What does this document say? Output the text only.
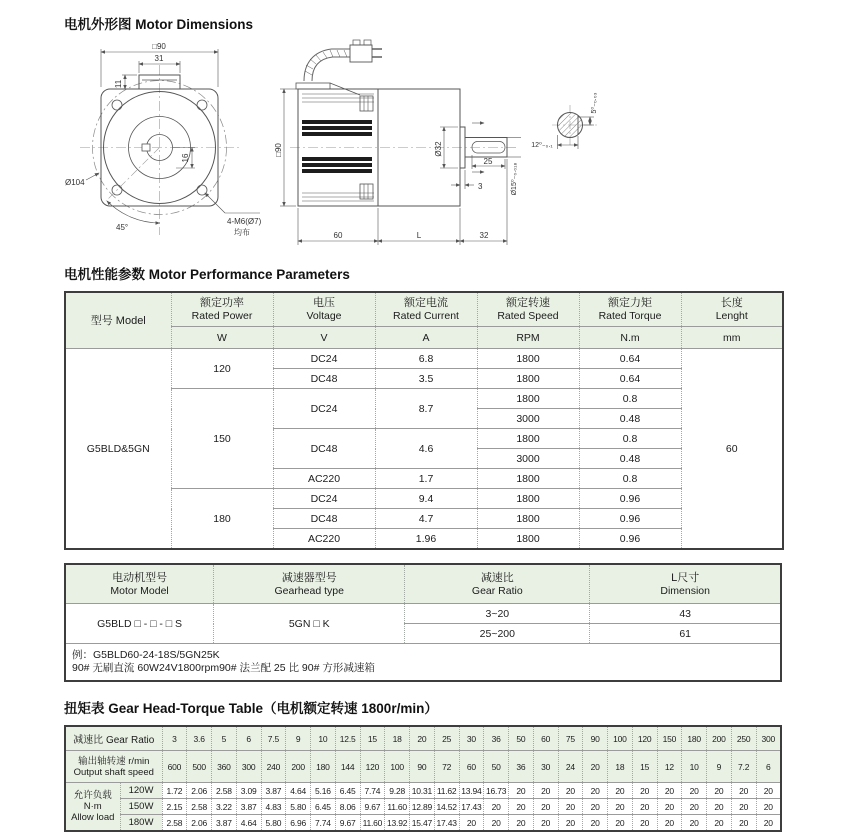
电机外形图 Motor Dimensions
□90
31
11
16
Ø104
4-M6(Ø7)
均布
45°
□90	Ø32
25
3
60	L	32
Ø15⁰₋₀.₀₁₈
12⁰₋₀.₁
5⁰₋₀.₀₃
电机性能参数 Motor Performance Parameters
型号 Model

额定功率
Rated Power

电压
Voltage

额定电流
Rated Current

额定转速
Rated Speed

额定力矩
Rated Torque

长度
Lenght

	W	V	A	RPM	N.m	mm
G5BLD&5GN	120	DC24	6.8	1800	0.64	60
		DC48	3.5	1800	0.64	
	150	DC24	8.7	1800	0.8	
				3000	0.48	
		DC48	4.6	1800	0.8	
				3000	0.48	
		AC220	1.7	1800	0.8	
	180	DC24	9.4	1800	0.96	
		DC48	4.7	1800	0.96	
		AC220	1.96	1800	0.96	
电动机型号
Motor Model

减速器型号
Gearhead type

减速比
Gear Ratio

L尺寸
Dimension

G5BLD □ - □ - □ S	5GN □ K	3~20	43
		25~200	61

例：G5BLD60-24-18S/5GN25K
90# 无刷直流 60W24V1800rpm90# 法兰配 25 比 90# 方形减速箱			
扭矩表 Gear Head-Torque Table（电机额定转速 1800r/min）
减速比 Gear Ratio		3	3.6	5	6	7.5	9	10	12.5	15	18	20	25	30	36	50	60	75	90	100	120	150	180	200	250	300

输出轴转速 r/min
Output shaft speed		600	500	360	300	240	200	180	144	120	100	90	72	60	50	36	30	24	20	18	15	12	10	9	7.2	6

允许负载 N·m
Allow load	120W	1.72	2.06	2.58	3.09	3.87	4.64	5.16	6.45	7.74	9.28	10.31	11.62	13.94	16.73	20	20	20	20	20	20	20	20	20	20	20
	150W	2.15	2.58	3.22	3.87	4.83	5.80	6.45	8.06	9.67	11.60	12.89	14.52	17.43	20	20	20	20	20	20	20	20	20	20	20	20
	180W	2.58	2.06	3.87	4.64	5.80	6.96	7.74	9.67	11.60	13.92	15.47	17.43	20	20	20	20	20	20	20	20	20	20	20	20	20
